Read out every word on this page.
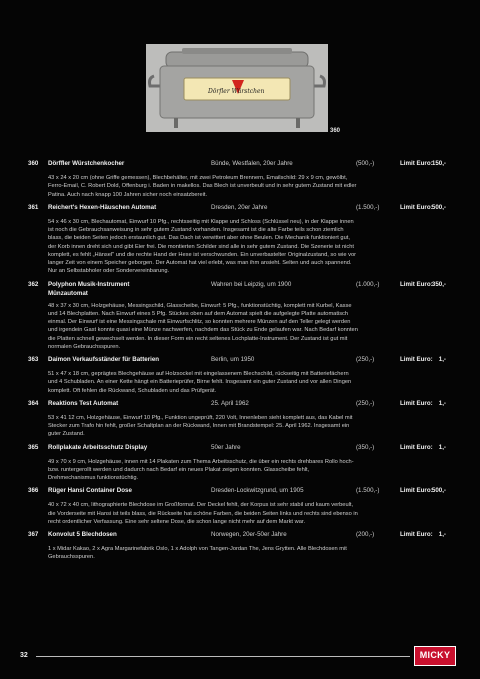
Dörfler Würstchen
360
360 Dörffler Würstchenkocher	Bünde, Westfalen, 20er Jahre	(500,-)	Limit Euro: 150,-
43 x 24 x 20 cm (ohne Griffe gemessen), Blechbehälter, mit zwei Petroleum Brennern, Emailschild: 29 x 9 cm, gewölbt, Ferro-Email, C. Robert Dold, Offenburg i. Baden in makellos. Das Blech ist unverbeult und in sehr gutem Zustand mit edler Patina. Auch nach knapp 100 Jahren sicher noch einsatzbereit.
361 Reichert's Hexen-Häuschen Automat	Dresden, 20er Jahre	(1.500,-)	Limit Euro: 500,-
54 x 46 x 30 cm, Blechautomat, Einwurf 10 Pfg., rechtsseitig mit Klappe und Schloss (Schlüssel neu), in der Klappe innen ist noch die Gebrauchsanweisung in sehr gutem Zustand vorhanden. Insgesamt ist die alte Farbe teils schon ziemlich blass, die beiden Seiten jedoch erstaunlich gut. Das Dach ist verwittert aber ohne Beulen. Die Mechanik funktioniert gut, der Korb innen dreht sich und gibt Eier frei. Die montierten Schilder sind alle in sehr gutem Zustand. Die Szenerie ist nicht komplett, es fehlt „Hänsel" und die rechte Hand der Hexe ist verschwunden. Ein unverbastelter Originalzustand, so wie vor langer Zeit von einem Speicher geborgen. Der Automat hat viel erlebt, was man ihm ansieht. Selten und auch spannend. Nur an Selbstabholer oder Sondervereinbarung.
362 Polyphon Musik-Instrument	Wahren bei Leipzig, um 1900	(1.000,-)	Limit Euro: 350,-
Münzautomat
48 x 37 x 30 cm, Holzgehäuse, Messingschild, Glasscheibe, Einwurf: 5 Pfg., funktionstüchtig, komplett mit Kurbel, Kasse und 14 Blechplatten. Nach Einwurf eines 5 Pfg. Stückes oben auf dem Automat spielt die aufgelegte Platte automatisch einmal. Der Einwurf ist eine Messingschale mit Einwurfschlitz, so konnten mehrere Münzen auf den Teller gelegt werden und irgendein Gast konnte quasi eine Münze nachwerfen, nachdem das Stück zu Ende gelaufen war. Nach Bedarf konnten die Platten schnell gewechselt werden. In dieser Form ein recht seltenes Lochplatte-Instrument. Der Zustand ist gut mit normalen Gebrauchsspuren.
363 Daimon Verkaufsständer für Batterien	Berlin, um 1950	(250,-)	Limit Euro: 1,-
51 x 47 x 18 cm, geprägtes Blechgehäuse auf Holzsockel mit eingelassenem Blechschild, rückseitig mit Batteriefächern und 4 Schubladen. An einer Kette hängt ein Batterieprüfer, Birne fehlt. Insgesamt ein guter Zustand und vor allen Dingen komplett. Oft fehlen die Rückwand, Schubladen und das Prüfgerät.
364 Reaktions Test Automat	25. April 1962	(250,-)	Limit Euro: 1,-
53 x 41 12 cm, Holzgehäuse, Einwurf 10 Pfg., Funktion ungeprüft, 220 Volt, Innenleben sieht komplett aus, das Kabel mit Stecker zum Trafo hin fehlt, großer Schaltplan an der Rückwand, Innen mit Brandstempel: 25. April 1962. Insgesamt ein guter Zustand.
365 Rollplakate Arbeitsschutz Display	50er Jahre	(350,-)	Limit Euro: 1,-
49 x 70 x 9 cm, Holzgehäuse, innen mit 14 Plakaten zum Thema Arbeitsschutz, die über ein rechts drehbares Rollo hoch- bzw. runtergerollt werden und dadurch nach Bedarf ein neues Plakat zeigen konnten. Glasscheibe fehlt, Drehmechanismus funktionstüchtig.
366 Rüger Hansi Container Dose	Dresden-Lockwitzgrund, um 1905	(1.500,-)	Limit Euro: 500,-
40 x 72 x 40 cm, lithographierte Blechdose im Großformat. Der Deckel fehlt, der Korpus ist sehr stabil und kaum verbeult, die Vorderseite mit Hansi ist teils blass, die Rückseite hat schöne Farben, die beiden Seiten links und rechts sind ebenso in recht ordentlicher Verfassung. Eine sehr seltene Dose, die schon lange nicht mehr auf dem Markt war.
367 Konvolut 5 Blechdosen	Norwegen, 20er-50er Jahre	(200,-)	Limit Euro: 1,-
1 x Midar Kakao, 2 x Agra Margarinefabrik Oslo, 1 x Adolph von Tangen-Jordan The, Jens Grytten. Alle Blechdosen mit Gebrauchsspuren.
32	MICKY
